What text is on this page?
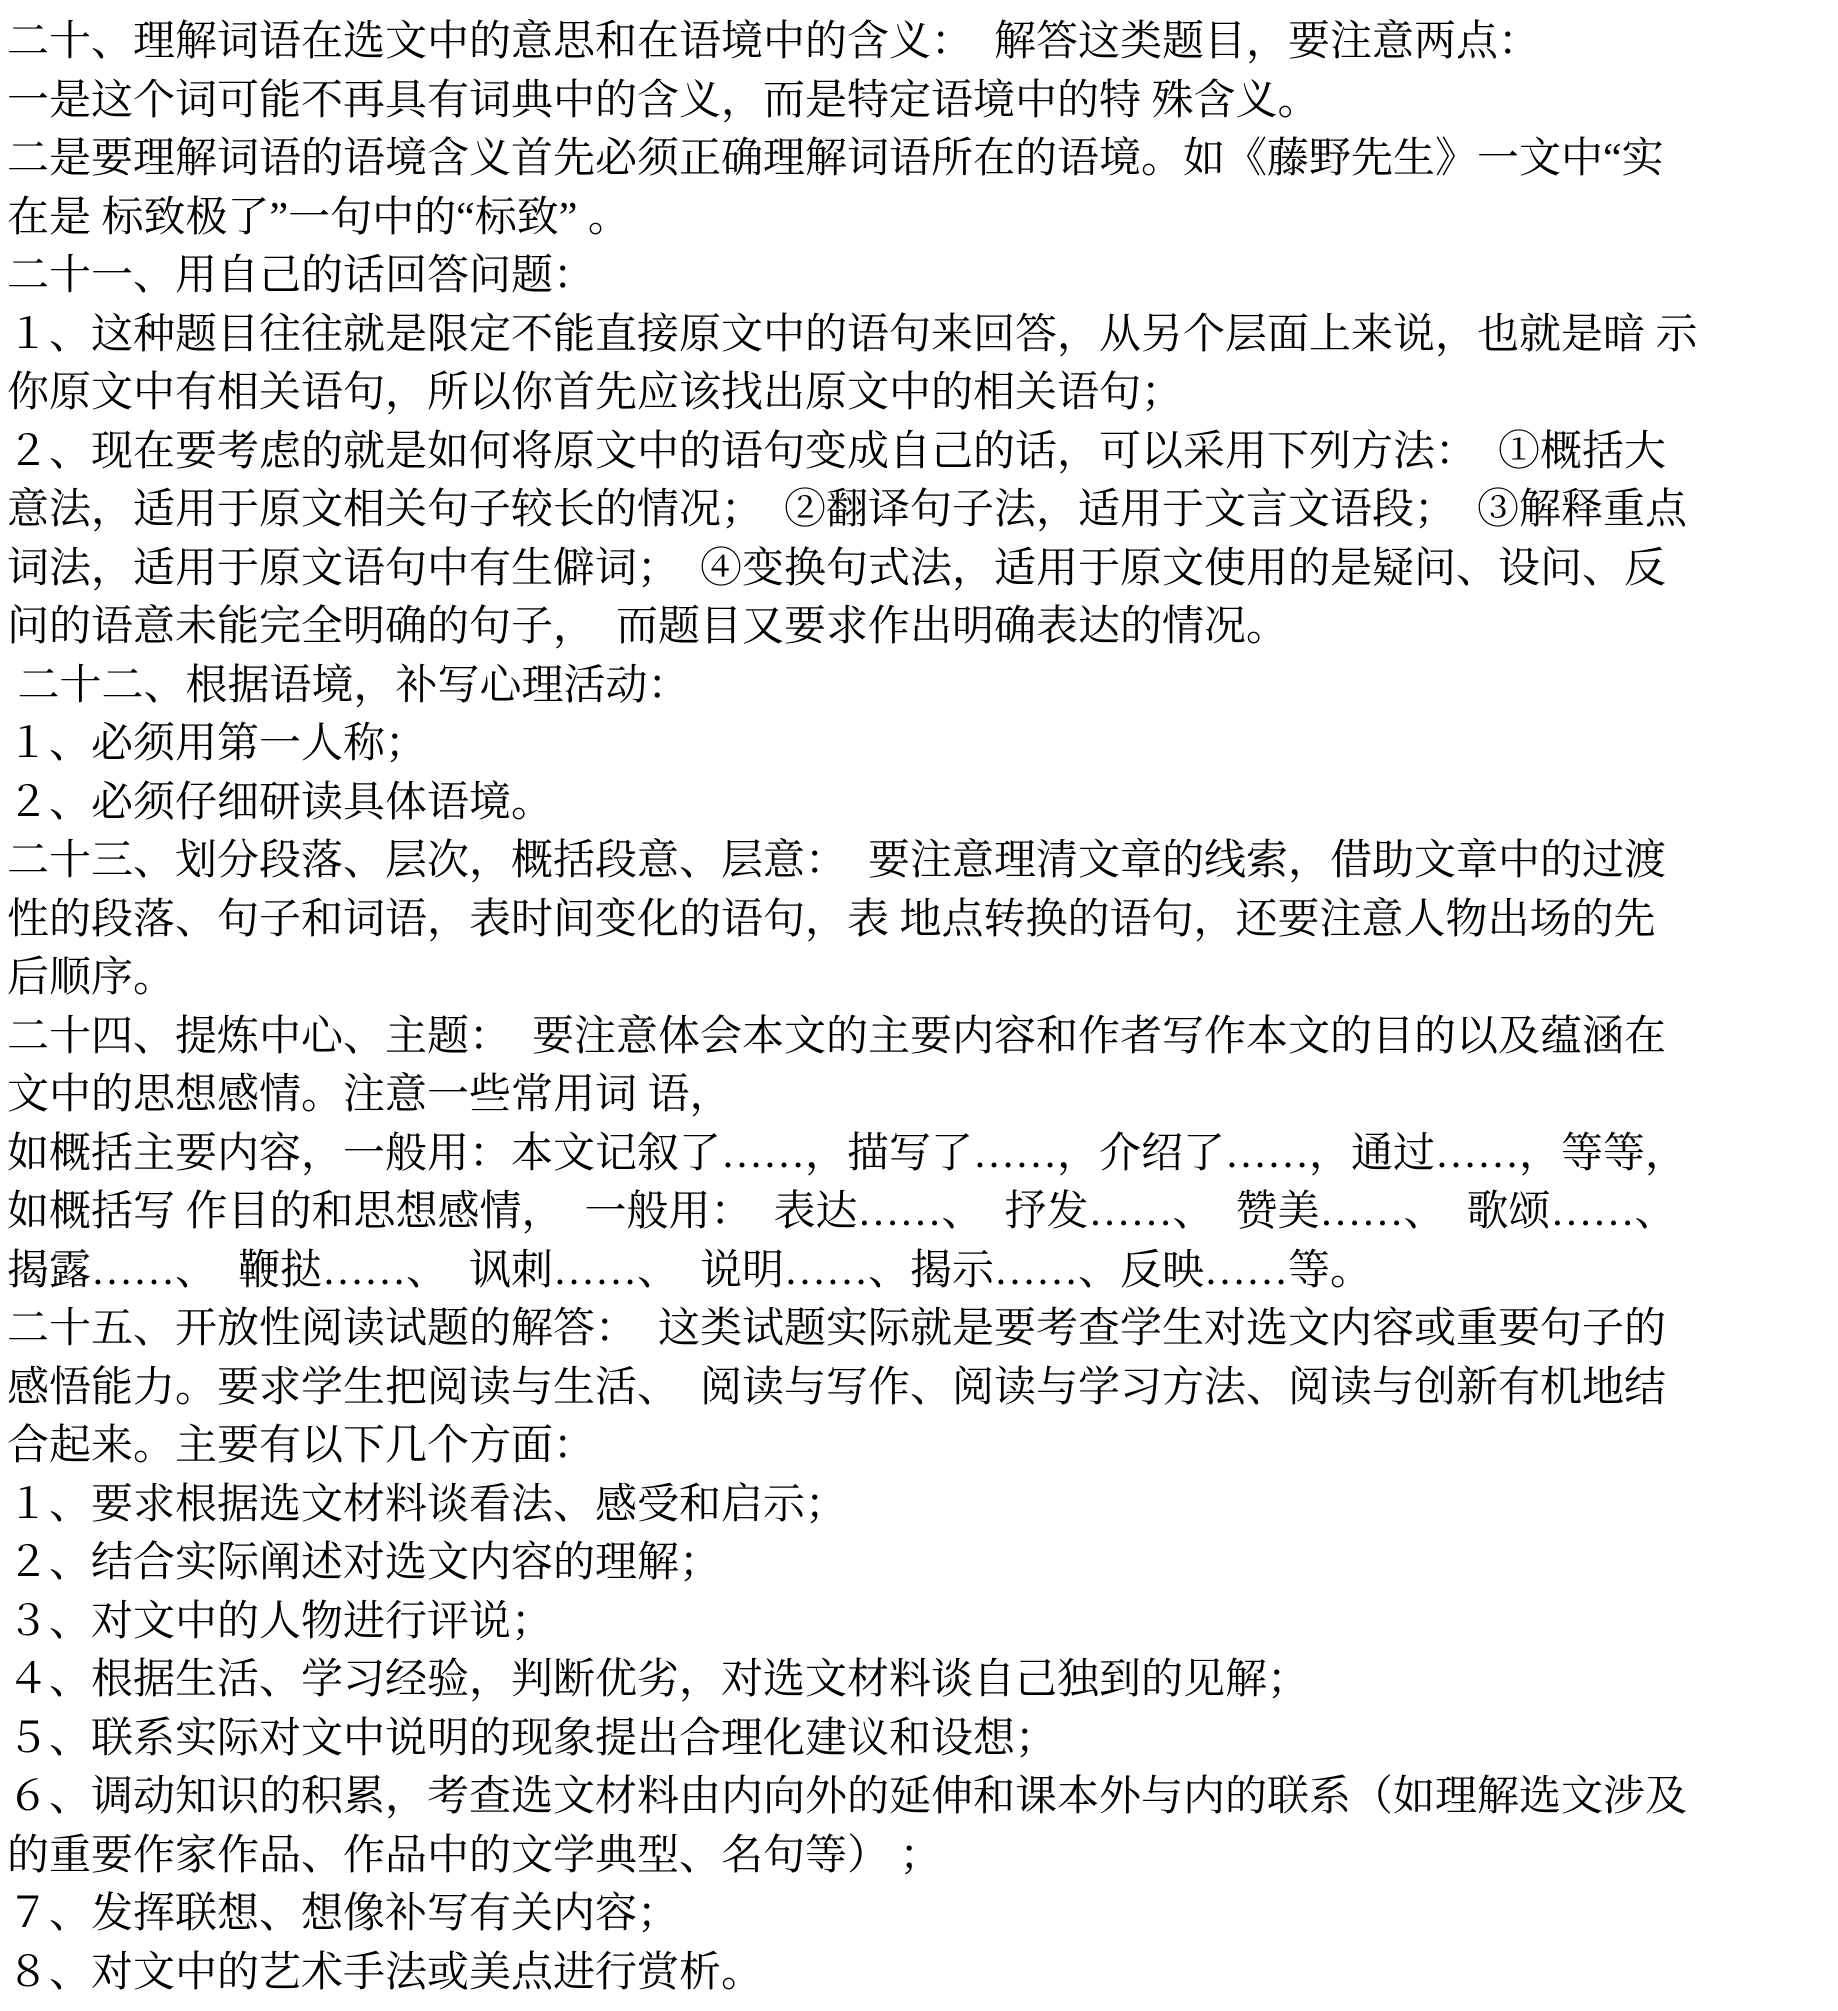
二十、理解词语在选文中的意思和在语境中的含义：　解答这类题目，要注意两点：
一是这个词可能不再具有词典中的含义，而是特定语境中的特 殊含义。
二是要理解词语的语境含义首先必须正确理解词语所在的语境。如《藤野先生》一文中“实
在是 标致极了”一句中的“标致” 。
二十一、用自己的话回答问题：
１、这种题目往往就是限定不能直接原文中的语句来回答，从另个层面上来说，也就是暗 示
你原文中有相关语句，所以你首先应该找出原文中的相关语句；
２、现在要考虑的就是如何将原文中的语句变成自己的话，可以采用下列方法：　①概括大
意法，适用于原文相关句子较长的情况；　②翻译句子法，适用于文言文语段；　③解释重点
词法，适用于原文语句中有生僻词；　④变换句式法，适用于原文使用的是疑问、设问、反
问的语意未能完全明确的句子，　而题目又要求作出明确表达的情况。
二十二、根据语境，补写心理活动：
１、必须用第一人称；
２、必须仔细研读具体语境。
二十三、划分段落、层次，概括段意、层意：　要注意理清文章的线索，借助文章中的过渡
性的段落、句子和词语，表时间变化的语句，表 地点转换的语句，还要注意人物出场的先
后顺序。
二十四、提炼中心、主题：　要注意体会本文的主要内容和作者写作本文的目的以及蕴涵在
文中的思想感情。注意一些常用词 语，
如概括主要内容，一般用：本文记叙了……，描写了……，介绍了……，通过……，等等，
如概括写 作目的和思想感情，　一般用：　表达……、　抒发……、　赞美……、　歌颂……、
揭露……、　鞭挞……、　讽刺……、　说明……、揭示……、反映……等。
二十五、开放性阅读试题的解答：　这类试题实际就是要考查学生对选文内容或重要句子的
感悟能力。要求学生把阅读与生活、　阅读与写作、阅读与学习方法、阅读与创新有机地结
合起来。主要有以下几个方面：
１、要求根据选文材料谈看法、感受和启示；
２、结合实际阐述对选文内容的理解；
３、对文中的人物进行评说；
４、根据生活、学习经验，判断优劣，对选文材料谈自己独到的见解；
５、联系实际对文中说明的现象提出合理化建议和设想；
６、调动知识的积累，考查选文材料由内向外的延伸和课本外与内的联系（如理解选文涉及
的重要作家作品、作品中的文学典型、名句等） ；
７、发挥联想、想像补写有关内容；
８、对文中的艺术手法或美点进行赏析。
